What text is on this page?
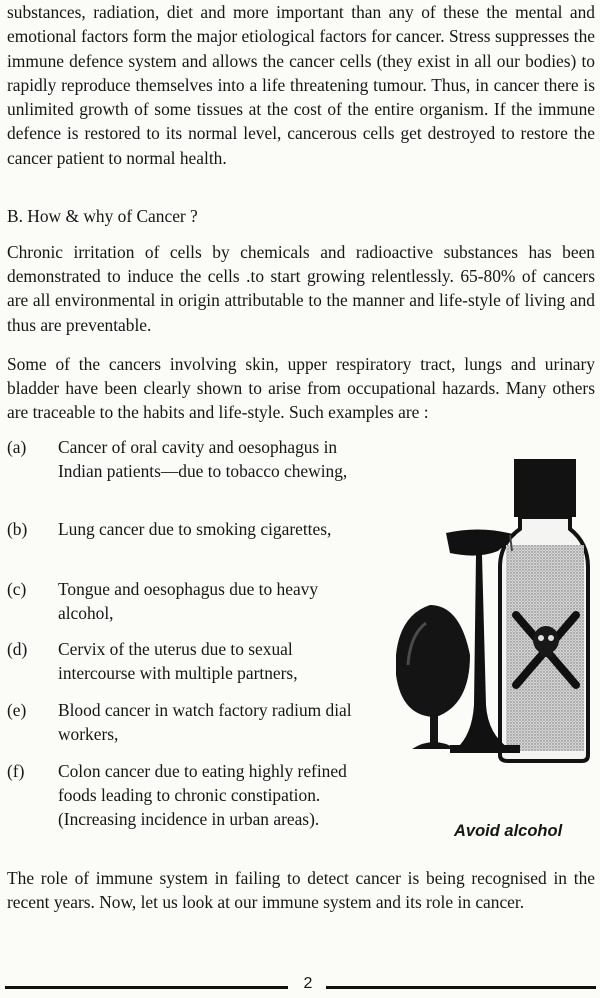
substances, radiation, diet and more important than any of these the mental and emotional factors form the major etiological factors for cancer. Stress suppresses the immune defence system and allows the cancer cells (they exist in all our bodies) to rapidly reproduce themselves into a life threatening tumour. Thus, in cancer there is unlimited growth of some tissues at the cost of the entire organism. If the immune defence is restored to its normal level, cancerous cells get destroyed to restore the cancer patient to normal health.

B. How & why of Cancer ?

Chronic irritation of cells by chemicals and radioactive substances has been demonstrated to induce the cells .to start growing relentlessly. 65-80% of cancers are all environmental in origin attributable to the manner and life-style of living and thus are preventable.

Some of the cancers involving skin, upper respiratory tract, lungs and urinary bladder have been clearly shown to arise from occupational hazards. Many others are traceable to the habits and life-style. Such examples are :

(a)	Cancer of oral cavity and oesophagus in Indian patients—due to tobacco chewing,
(b)	Lung cancer due to smoking cigarettes,
(c)	Tongue and oesophagus due to heavy alcohol,
(d)	Cervix of the uterus due to sexual intercourse with multiple partners,
(e)	Blood cancer in watch factory radium dial workers,
(f)	Colon cancer due to eating highly refined foods leading to chronic constipation. (Increasing incidence in urban areas).

Avoid alcohol

The role of immune system in failing to detect cancer is being recognised in the recent years. Now, let us look at our immune system and its role in cancer.

2
